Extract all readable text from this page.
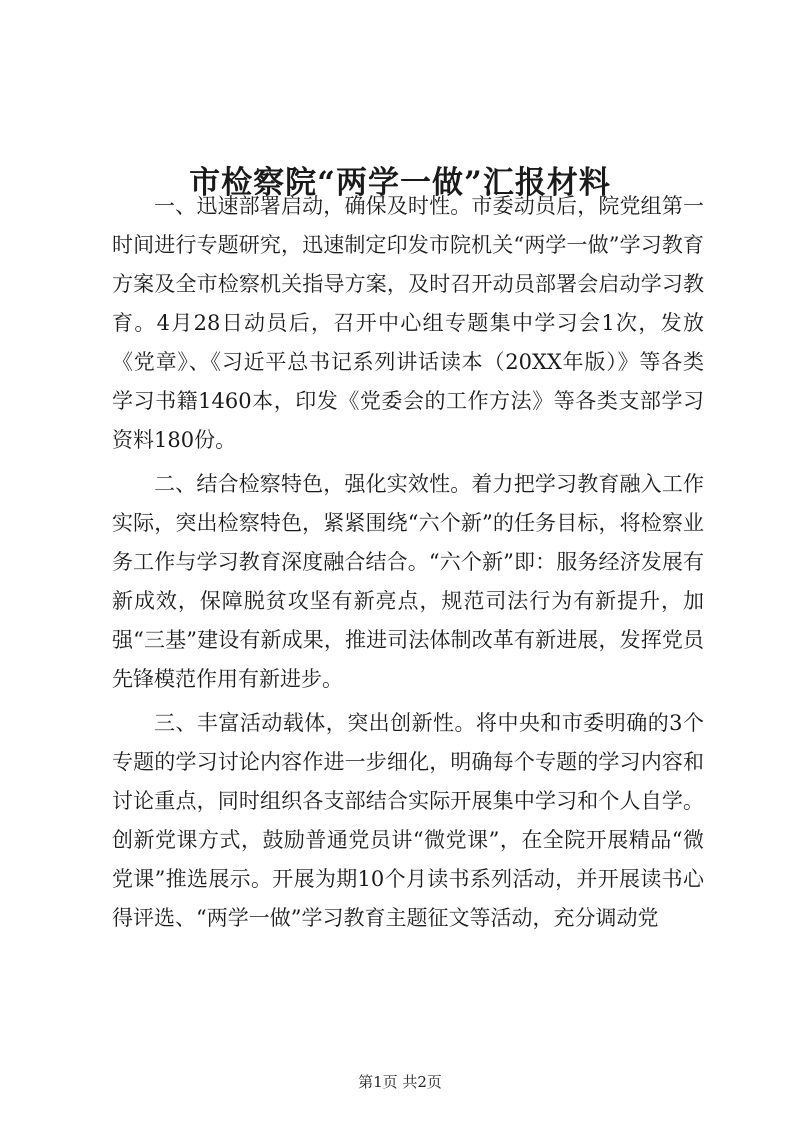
市检察院“两学一做”汇报材料

一、迅速部署启动，确保及时性。市委动员后，院党组第一时间进行专题研究，迅速制定印发市院机关“两学一做”学习教育方案及全市检察机关指导方案，及时召开动员部署会启动学习教育。4月28日动员后，召开中心组专题集中学习会1次，发放《党章》、《习近平总书记系列讲话读本（20XX年版）》等各类学习书籍1460本，印发《党委会的工作方法》等各类支部学习资料180份。

二、结合检察特色，强化实效性。着力把学习教育融入工作实际，突出检察特色，紧紧围绕“六个新”的任务目标，将检察业务工作与学习教育深度融合结合。“六个新”即：服务经济发展有新成效，保障脱贫攻坚有新亮点，规范司法行为有新提升，加强“三基”建设有新成果，推进司法体制改革有新进展，发挥党员先锋模范作用有新进步。

三、丰富活动载体，突出创新性。将中央和市委明确的3个专题的学习讨论内容作进一步细化，明确每个专题的学习内容和讨论重点，同时组织各支部结合实际开展集中学习和个人自学。创新党课方式，鼓励普通党员讲“微党课”，在全院开展精品“微党课”推选展示。开展为期10个月读书系列活动，并开展读书心得评选、“两学一做”学习教育主题征文等活动，充分调动党

第1页 共2页
